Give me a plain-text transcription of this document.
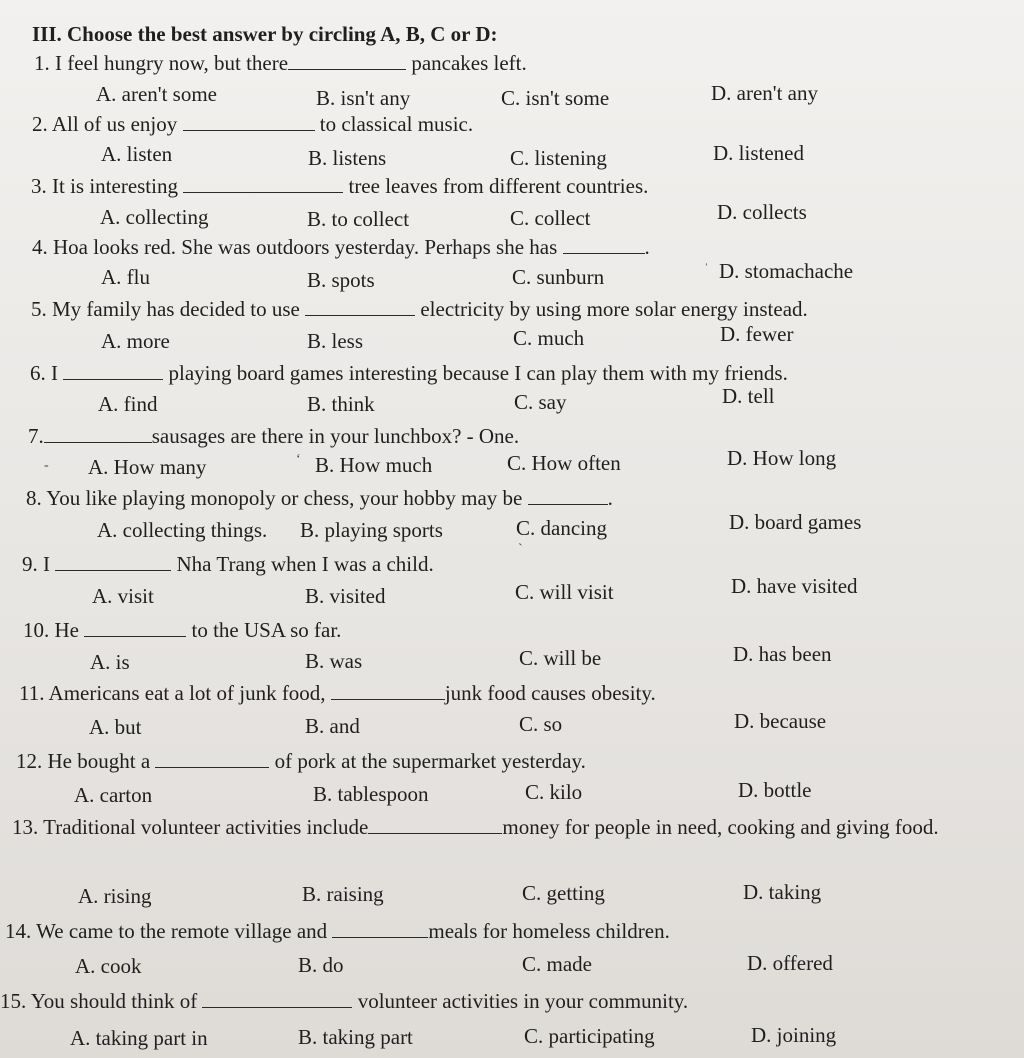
III. Choose the best answer by circling A, B, C or D:
1. I feel hungry now, but there	pancakes left.
A. aren't some	B. isn't any	C. isn't some	D. aren't any
2. All of us enjoy	to classical music.
A. listen	B. listens	C. listening	D. listened
3. It is interesting	tree leaves from different countries.
A. collecting	B. to collect	C. collect	D. collects
4. Hoa looks red. She was outdoors yesterday. Perhaps she has	.
A. flu	B. spots	C. sunburn	ˈ D. stomachache
5. My family has decided to use	electricity by using more solar energy instead.
A. more	B. less	C. much	D. fewer
6. I	playing board games interesting because I can play them with my friends.
A. find	B. think	C. say	D. tell
7.	sausages are there in your lunchbox? - One.
- A. How many	ʻ B. How much	C. How often	D. How long
8. You like playing monopoly or chess, your hobby may be	.
A. collecting things. B. playing sports	C. dancing	D. board games
9. I	Nha Trang when I was a child.
ˋ
A. visit	B. visited	C. will visit	D. have visited
10. He	to the USA so far.
A. is	B. was	C. will be	D. has been
11. Americans eat a lot of junk food,	junk food causes obesity.
A. but	B. and	C. so	D. because
12. He bought a	of pork at the supermarket yesterday.
A. carton	B. tablespoon	C. kilo	D. bottle
13. Traditional volunteer activities include	money for people in need, cooking and giving food.
A. rising	B. raising	C. getting	D. taking
14. We came to the remote village and	meals for homeless children.
A. cook	B. do	C. made	D. offered
15. You should think of	volunteer activities in your community.
A. taking part in	B. taking part	C. participating	D. joining
